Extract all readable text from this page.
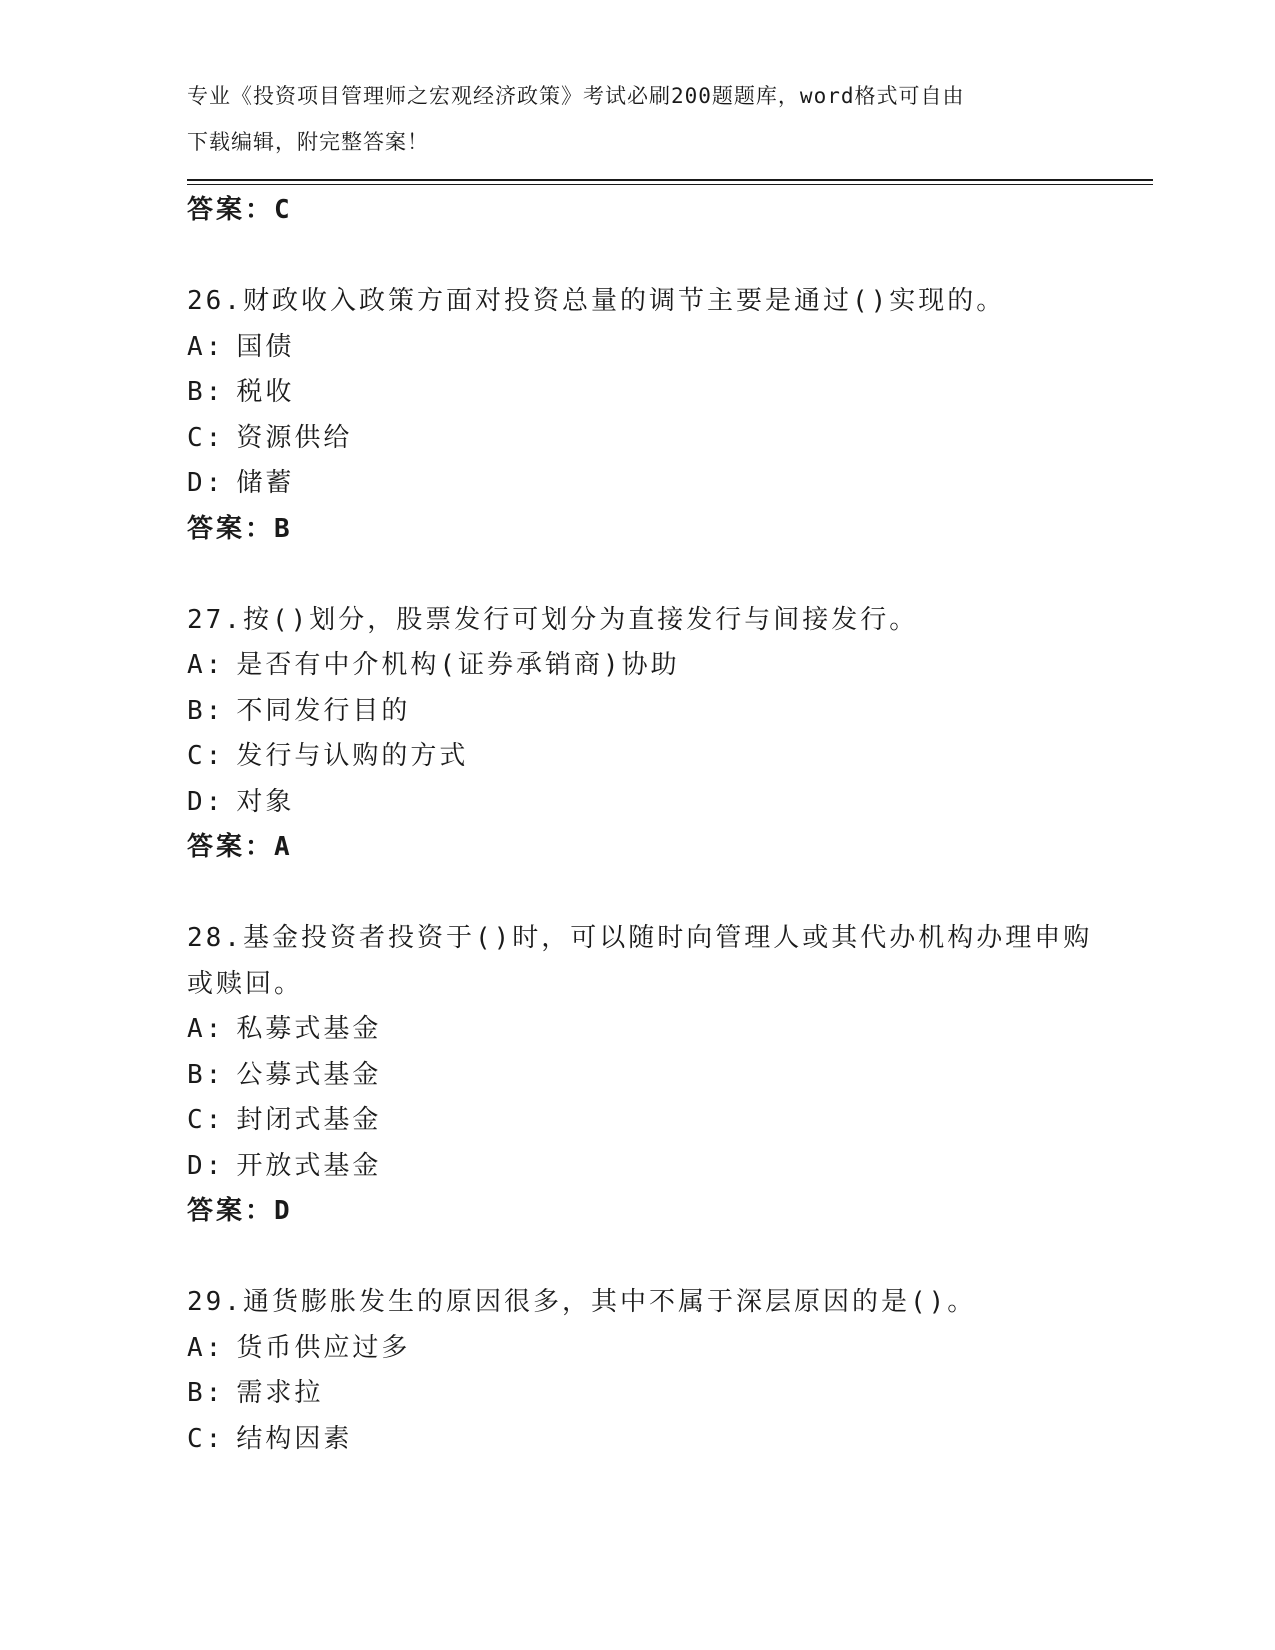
专业《投资项目管理师之宏观经济政策》考试必刷200题题库，word格式可自由
下载编辑，附完整答案！
答案：C
26.财政收入政策方面对投资总量的调节主要是通过()实现的。
A: 国债
B: 税收
C: 资源供给
D: 储蓄
答案：B
27.按()划分，股票发行可划分为直接发行与间接发行。
A: 是否有中介机构(证券承销商)协助
B: 不同发行目的
C: 发行与认购的方式
D: 对象
答案：A
28.基金投资者投资于()时，可以随时向管理人或其代办机构办理申购
或赎回。
A: 私募式基金
B: 公募式基金
C: 封闭式基金
D: 开放式基金
答案：D
29.通货膨胀发生的原因很多，其中不属于深层原因的是()。
A: 货币供应过多
B: 需求拉
C: 结构因素
